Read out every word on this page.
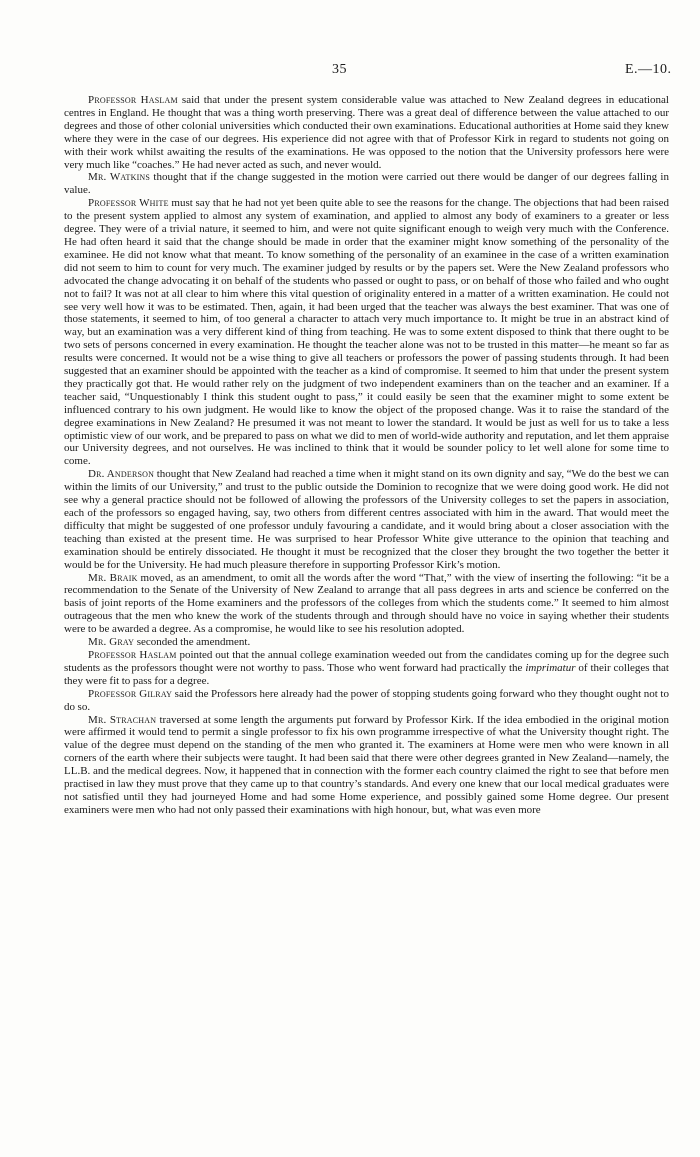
35	E.—10.

Professor Haslam said that under the present system considerable value was attached to New Zealand degrees in educational centres in England. He thought that was a thing worth preserving. There was a great deal of difference between the value attached to our degrees and those of other colonial universities which conducted their own examinations. Educational authorities at Home said they knew where they were in the case of our degrees. His experience did not agree with that of Professor Kirk in regard to students not going on with their work whilst awaiting the results of the examinations. He was opposed to the notion that the University professors here were very much like “coaches.” He had never acted as such, and never would.

Mr. Watkins thought that if the change suggested in the motion were carried out there would be danger of our degrees falling in value.

Professor White must say that he had not yet been quite able to see the reasons for the change. The objections that had been raised to the present system applied to almost any system of examination, and applied to almost any body of examiners to a greater or less degree. They were of a trivial nature, it seemed to him, and were not quite significant enough to weigh very much with the Conference. He had often heard it said that the change should be made in order that the examiner might know something of the personality of the examinee. He did not know what that meant. To know something of the personality of an examinee in the case of a written examination did not seem to him to count for very much. The examiner judged by results or by the papers set. Were the New Zealand professors who advocated the change advocating it on behalf of the students who passed or ought to pass, or on behalf of those who failed and who ought not to fail? It was not at all clear to him where this vital question of originality entered in a matter of a written examination. He could not see very well how it was to be estimated. Then, again, it had been urged that the teacher was always the best examiner. That was one of those statements, it seemed to him, of too general a character to attach very much importance to. It might be true in an abstract kind of way, but an examination was a very different kind of thing from teaching. He was to some extent disposed to think that there ought to be two sets of persons concerned in every examination. He thought the teacher alone was not to be trusted in this matter—he meant so far as results were concerned. It would not be a wise thing to give all teachers or professors the power of passing students through. It had been suggested that an examiner should be appointed with the teacher as a kind of compromise. It seemed to him that under the present system they practically got that. He would rather rely on the judgment of two independent examiners than on the teacher and an examiner. If a teacher said, “Unquestionably I think this student ought to pass,” it could easily be seen that the examiner might to some extent be influenced contrary to his own judgment. He would like to know the object of the proposed change. Was it to raise the standard of the degree examinations in New Zealand? He presumed it was not meant to lower the standard. It would be just as well for us to take a less optimistic view of our work, and be prepared to pass on what we did to men of world-wide authority and reputation, and let them appraise our University degrees, and not ourselves. He was inclined to think that it would be sounder policy to let well alone for some time to come.

Dr. Anderson thought that New Zealand had reached a time when it might stand on its own dignity and say, “We do the best we can within the limits of our University,” and trust to the public outside the Dominion to recognize that we were doing good work. He did not see why a general practice should not be followed of allowing the professors of the University colleges to set the papers in association, each of the professors so engaged having, say, two others from different centres associated with him in the award. That would meet the difficulty that might be suggested of one professor unduly favouring a candidate, and it would bring about a closer association with the teaching than existed at the present time. He was surprised to hear Professor White give utterance to the opinion that teaching and examination should be entirely dissociated. He thought it must be recognized that the closer they brought the two together the better it would be for the University. He had much pleasure therefore in supporting Professor Kirk’s motion.

Mr. Braik moved, as an amendment, to omit all the words after the word “That,” with the view of inserting the following: “it be a recommendation to the Senate of the University of New Zealand to arrange that all pass degrees in arts and science be conferred on the basis of joint reports of the Home examiners and the professors of the colleges from which the students come.” It seemed to him almost outrageous that the men who knew the work of the students through and through should have no voice in saying whether their students were to be awarded a degree. As a compromise, he would like to see his resolution adopted.

Mr. Gray seconded the amendment.

Professor Haslam pointed out that the annual college examination weeded out from the candidates coming up for the degree such students as the professors thought were not worthy to pass. Those who went forward had practically the imprimatur of their colleges that they were fit to pass for a degree.

Professor Gilray said the Professors here already had the power of stopping students going forward who they thought ought not to do so.

Mr. Strachan traversed at some length the arguments put forward by Professor Kirk. If the idea embodied in the original motion were affirmed it would tend to permit a single professor to fix his own programme irrespective of what the University thought right. The value of the degree must depend on the standing of the men who granted it. The examiners at Home were men who were known in all corners of the earth where their subjects were taught. It had been said that there were other degrees granted in New Zealand—namely, the LL.B. and the medical degrees. Now, it happened that in connection with the former each country claimed the right to see that before men practised in law they must prove that they came up to that country’s standards. And every one knew that our local medical graduates were not satisfied until they had journeyed Home and had some Home experience, and possibly gained some Home degree. Our present examiners were men who had not only passed their examinations with high honour, but, what was even more
